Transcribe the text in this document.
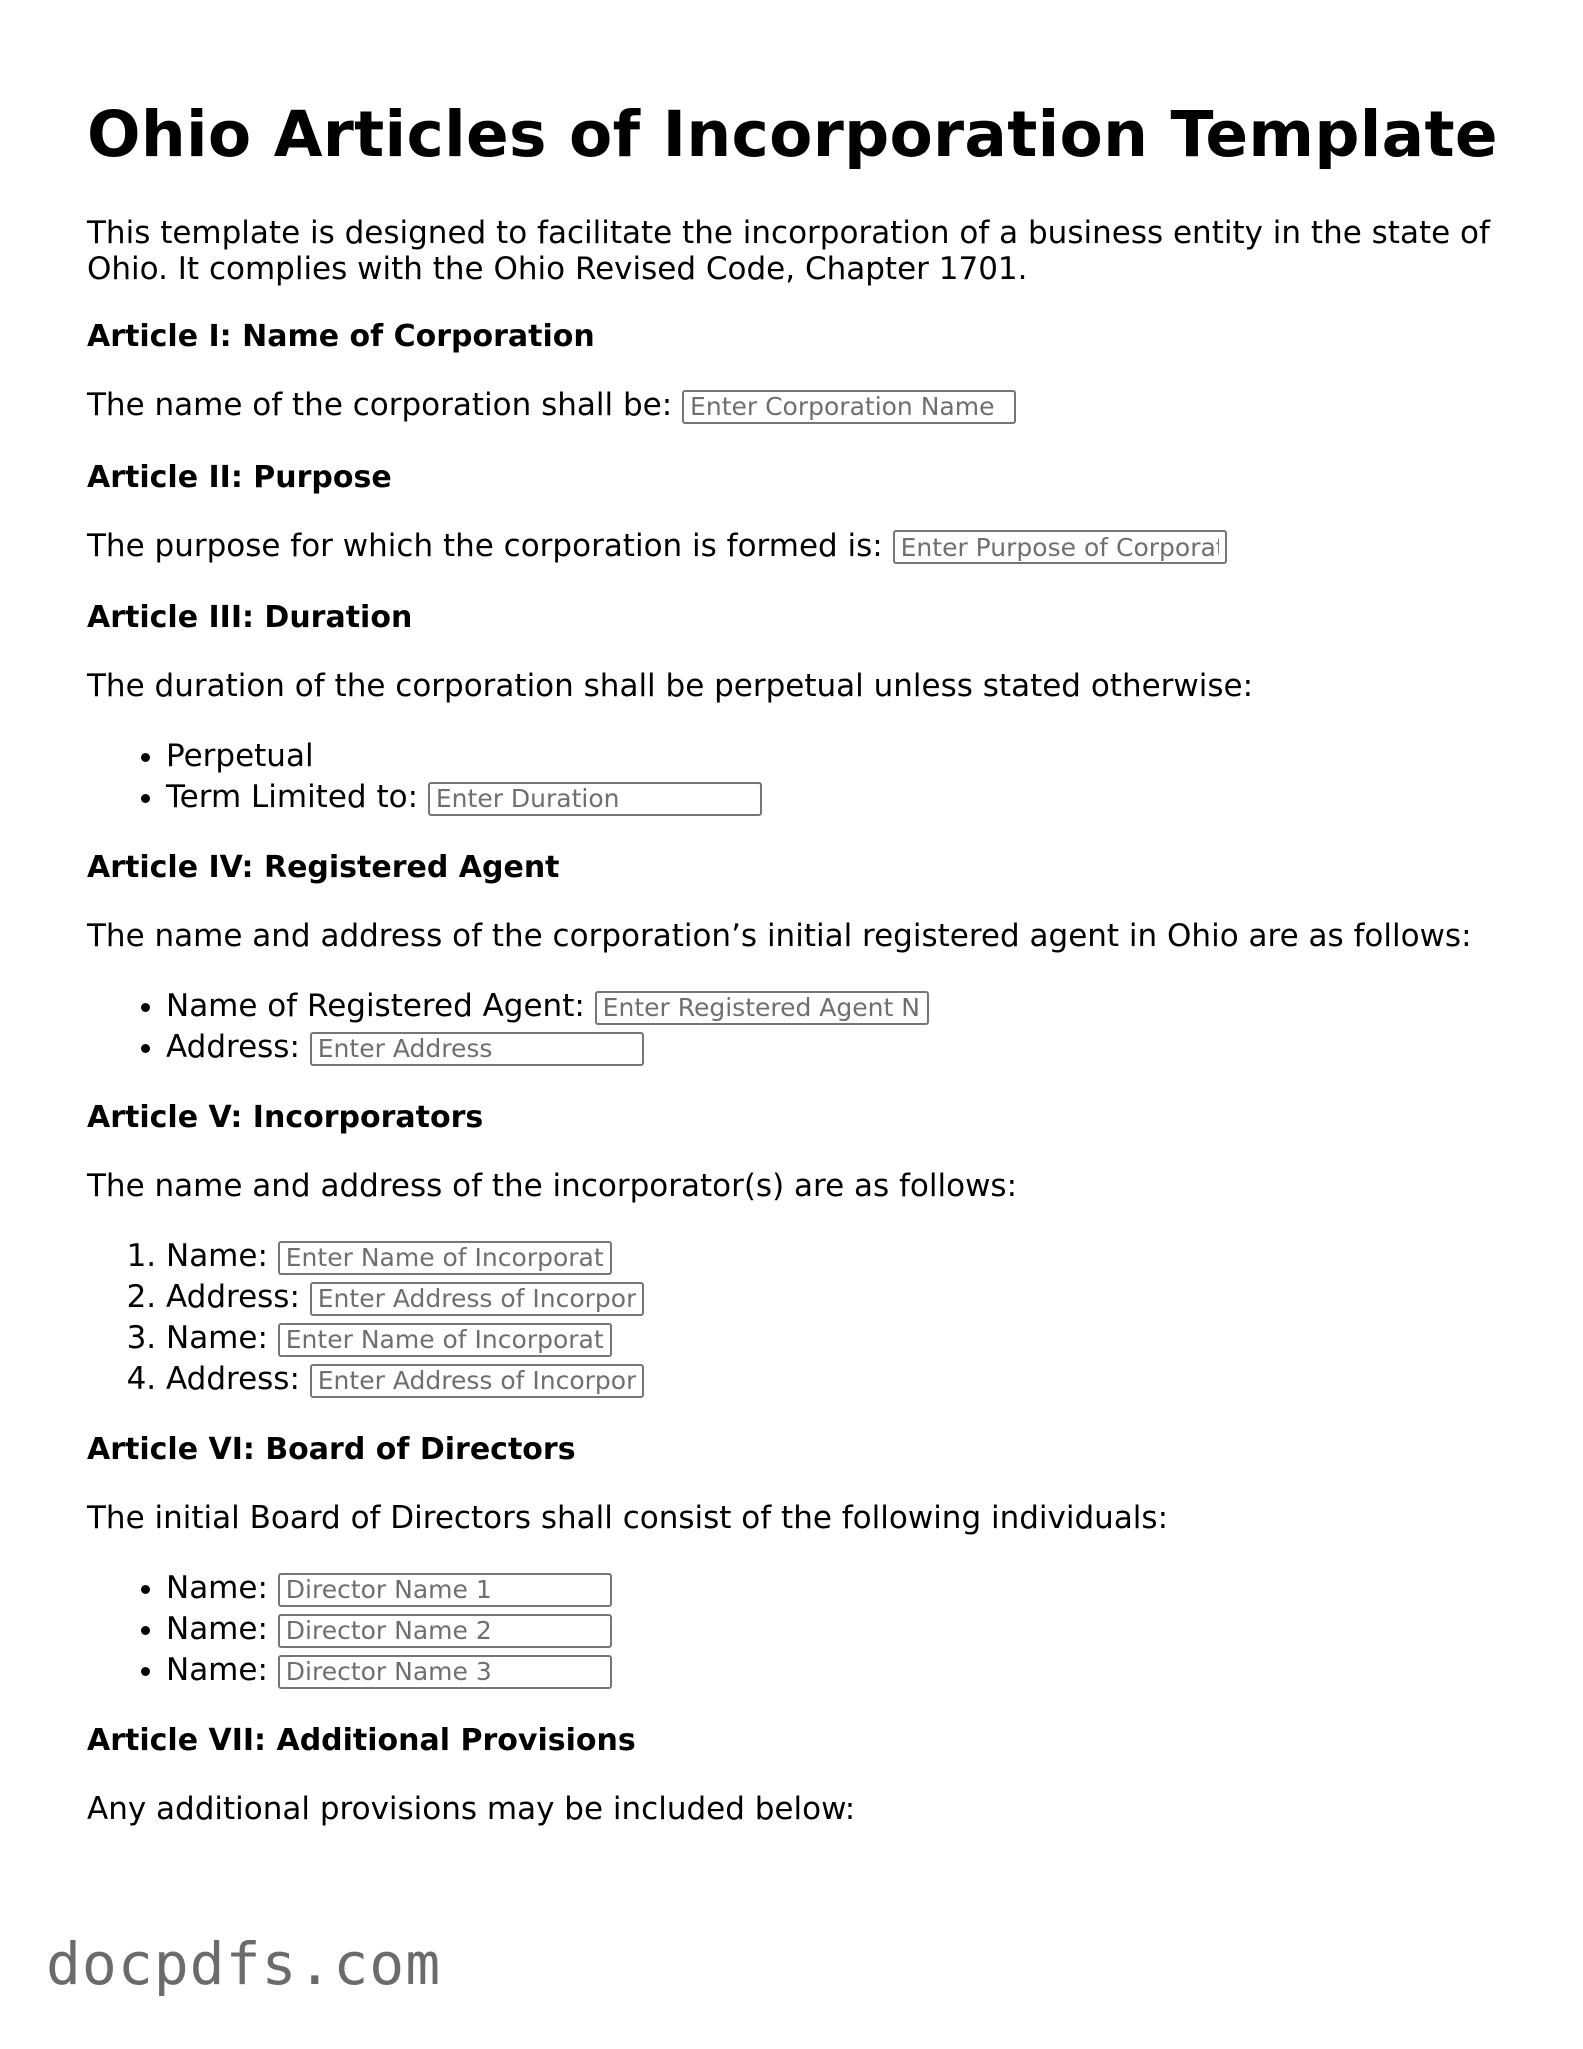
Ohio Articles of Incorporation Template

This template is designed to facilitate the incorporation of a business entity in the state of Ohio. It complies with the Ohio Revised Code, Chapter 1701.

Article I: Name of Corporation

The name of the corporation shall be: Enter Corporation Name

Article II: Purpose

The purpose for which the corporation is formed is: Enter Purpose of Corporation

Article III: Duration

The duration of the corporation shall be perpetual unless stated otherwise:

• Perpetual
• Term Limited to: Enter Duration
Article IV: Registered Agent

The name and address of the corporation’s initial registered agent in Ohio are as follows:

• Name of Registered Agent: Enter Registered Agent Name
• Address: Enter Address
Article V: Incorporators

The name and address of the incorporator(s) are as follows:

1. Name: Enter Name of Incorporator
2. Address: Enter Address of Incorporator
3. Name: Enter Name of Incorporator
4. Address: Enter Address of Incorporator
Article VI: Board of Directors

The initial Board of Directors shall consist of the following individuals:

• Name: Director Name 1
• Name: Director Name 2
• Name: Director Name 3
Article VII: Additional Provisions

Any additional provisions may be included below:

docpdfs.com
